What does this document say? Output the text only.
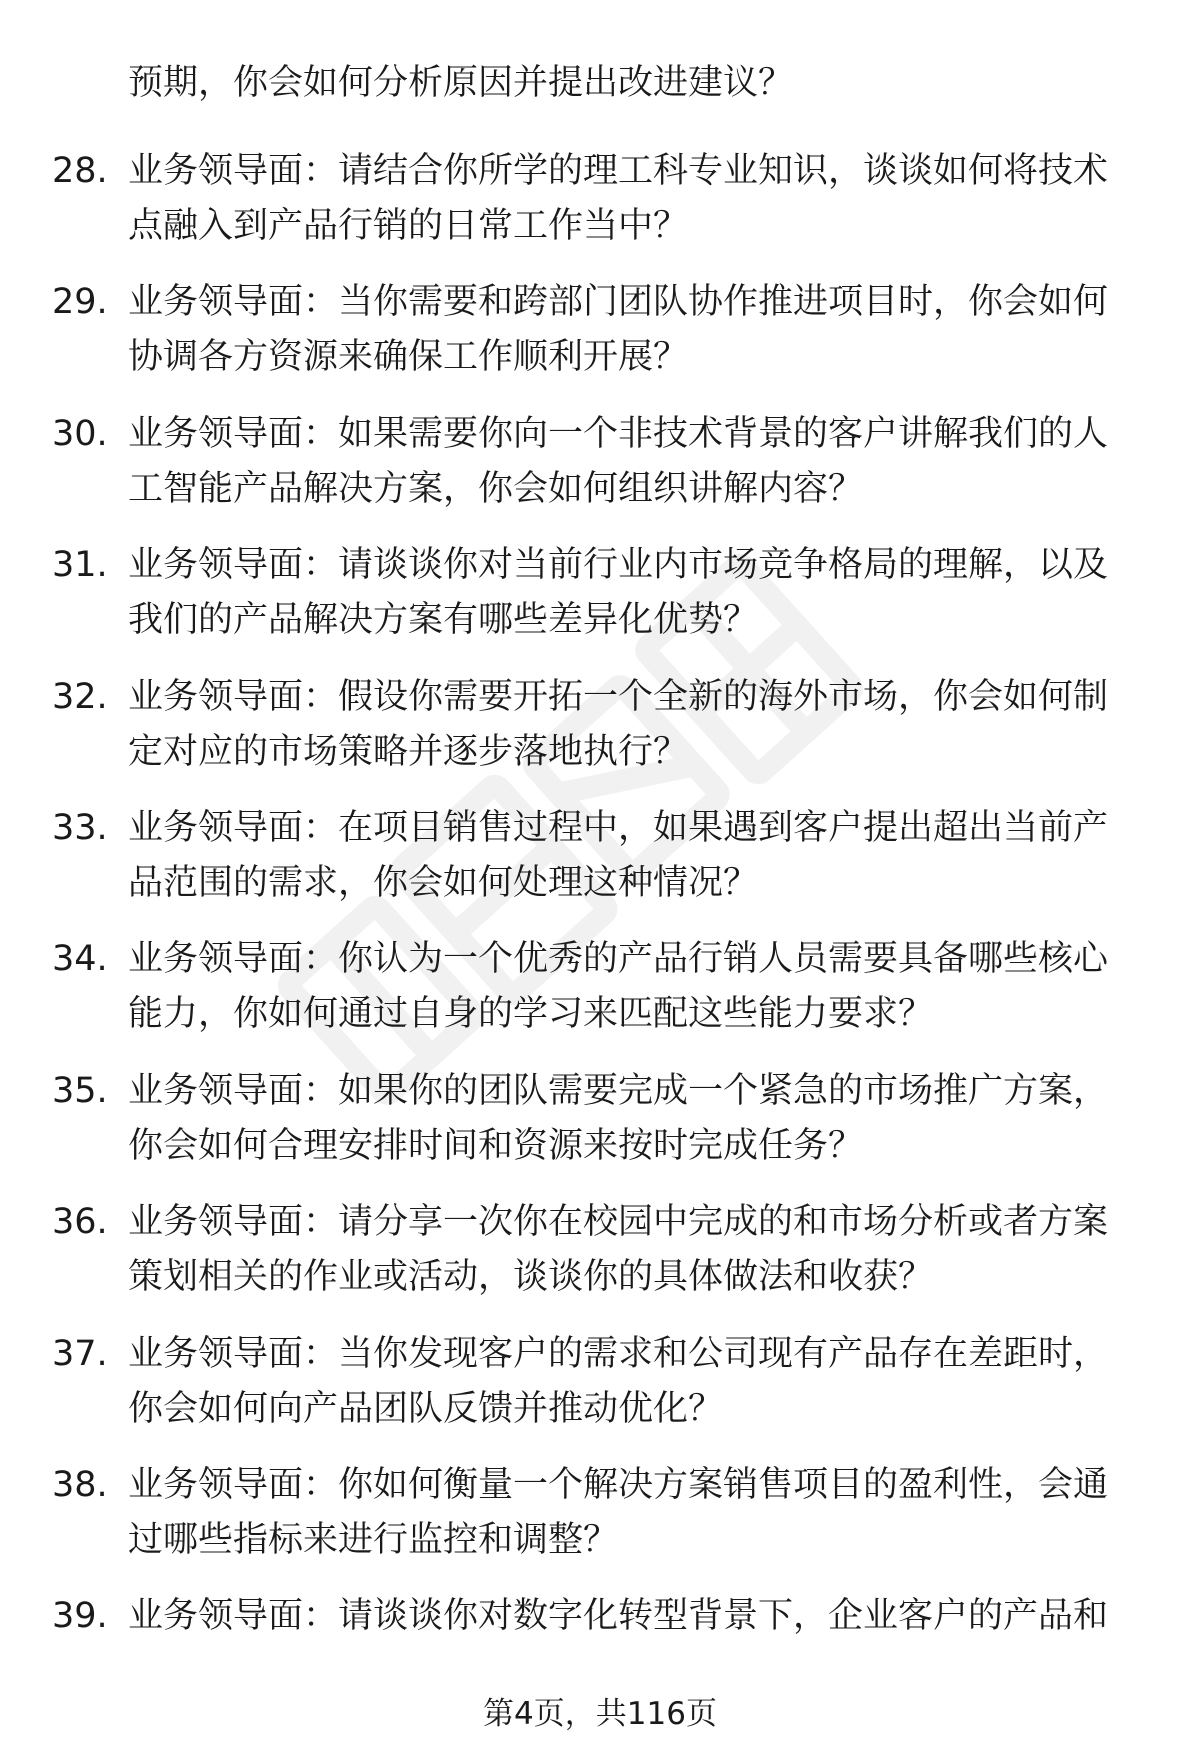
预期，你会如何分析原因并提出改进建议？
28. 业务领导面：请结合你所学的理工科专业知识，谈谈如何将技术
点融入到产品行销的日常工作当中？
29. 业务领导面：当你需要和跨部门团队协作推进项目时，你会如何
协调各方资源来确保工作顺利开展？
30. 业务领导面：如果需要你向一个非技术背景的客户讲解我们的人
工智能产品解决方案，你会如何组织讲解内容？
31. 业务领导面：请谈谈你对当前行业内市场竞争格局的理解，以及
我们的产品解决方案有哪些差异化优势？
32. 业务领导面：假设你需要开拓一个全新的海外市场，你会如何制
定对应的市场策略并逐步落地执行？
33. 业务领导面：在项目销售过程中，如果遇到客户提出超出当前产
品范围的需求，你会如何处理这种情况？
34. 业务领导面：你认为一个优秀的产品行销人员需要具备哪些核心
能力，你如何通过自身的学习来匹配这些能力要求？
35. 业务领导面：如果你的团队需要完成一个紧急的市场推广方案，
你会如何合理安排时间和资源来按时完成任务？
36. 业务领导面：请分享一次你在校园中完成的和市场分析或者方案
策划相关的作业或活动，谈谈你的具体做法和收获？
37. 业务领导面：当你发现客户的需求和公司现有产品存在差距时，
你会如何向产品团队反馈并推动优化？
38. 业务领导面：你如何衡量一个解决方案销售项目的盈利性，会通
过哪些指标来进行监控和调整？
39. 业务领导面：请谈谈你对数字化转型背景下，企业客户的产品和
第4页，共116页
